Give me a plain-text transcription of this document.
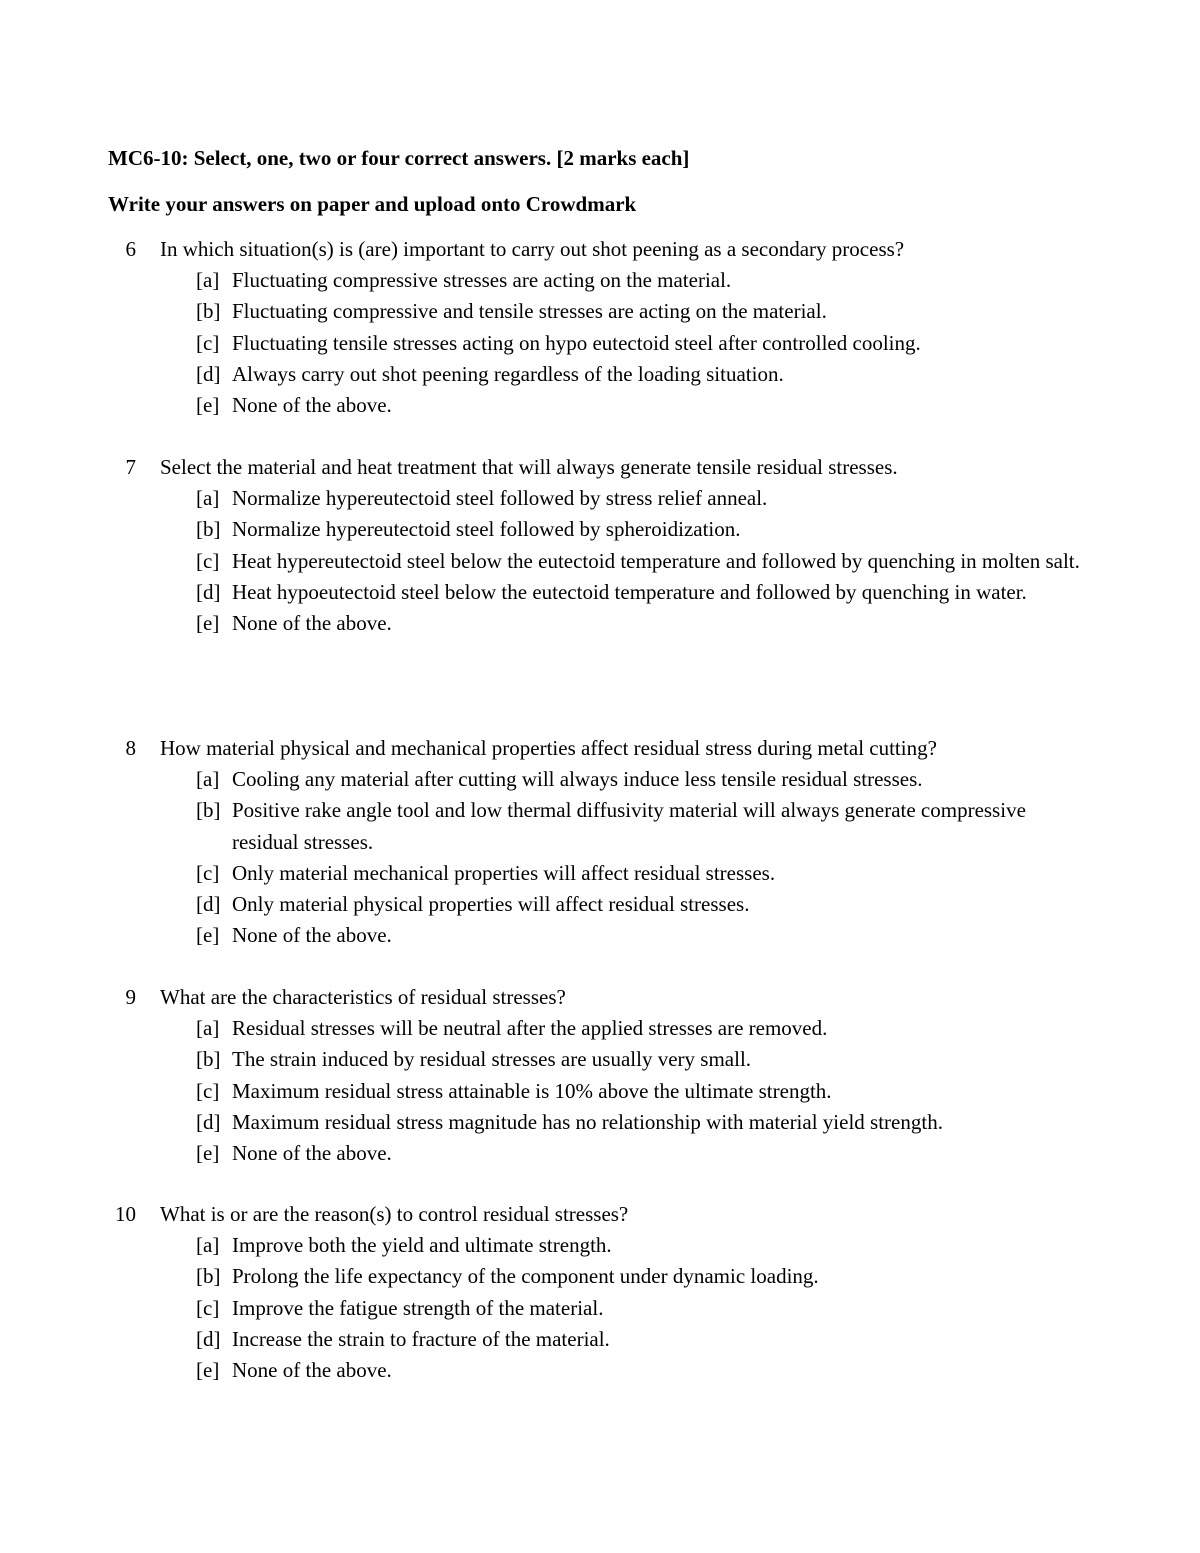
MC6-10: Select, one, two or four correct answers. [2 marks each]
Write your answers on paper and upload onto Crowdmark
6 In which situation(s) is (are) important to carry out shot peening as a secondary process?
[a] Fluctuating compressive stresses are acting on the material.
[b] Fluctuating compressive and tensile stresses are acting on the material.
[c] Fluctuating tensile stresses acting on hypo eutectoid steel after controlled cooling.
[d] Always carry out shot peening regardless of the loading situation.
[e] None of the above.
7 Select the material and heat treatment that will always generate tensile residual stresses.
[a] Normalize hypereutectoid steel followed by stress relief anneal.
[b] Normalize hypereutectoid steel followed by spheroidization.
[c] Heat hypereutectoid steel below the eutectoid temperature and followed by quenching in molten salt.
[d] Heat hypoeutectoid steel below the eutectoid temperature and followed by quenching in water.
[e] None of the above.
8 How material physical and mechanical properties affect residual stress during metal cutting?
[a] Cooling any material after cutting will always induce less tensile residual stresses.
[b] Positive rake angle tool and low thermal diffusivity material will always generate compressive residual stresses.
[c] Only material mechanical properties will affect residual stresses.
[d] Only material physical properties will affect residual stresses.
[e] None of the above.
9 What are the characteristics of residual stresses?
[a] Residual stresses will be neutral after the applied stresses are removed.
[b] The strain induced by residual stresses are usually very small.
[c] Maximum residual stress attainable is 10% above the ultimate strength.
[d] Maximum residual stress magnitude has no relationship with material yield strength.
[e] None of the above.
10 What is or are the reason(s) to control residual stresses?
[a] Improve both the yield and ultimate strength.
[b] Prolong the life expectancy of the component under dynamic loading.
[c] Improve the fatigue strength of the material.
[d] Increase the strain to fracture of the material.
[e] None of the above.
